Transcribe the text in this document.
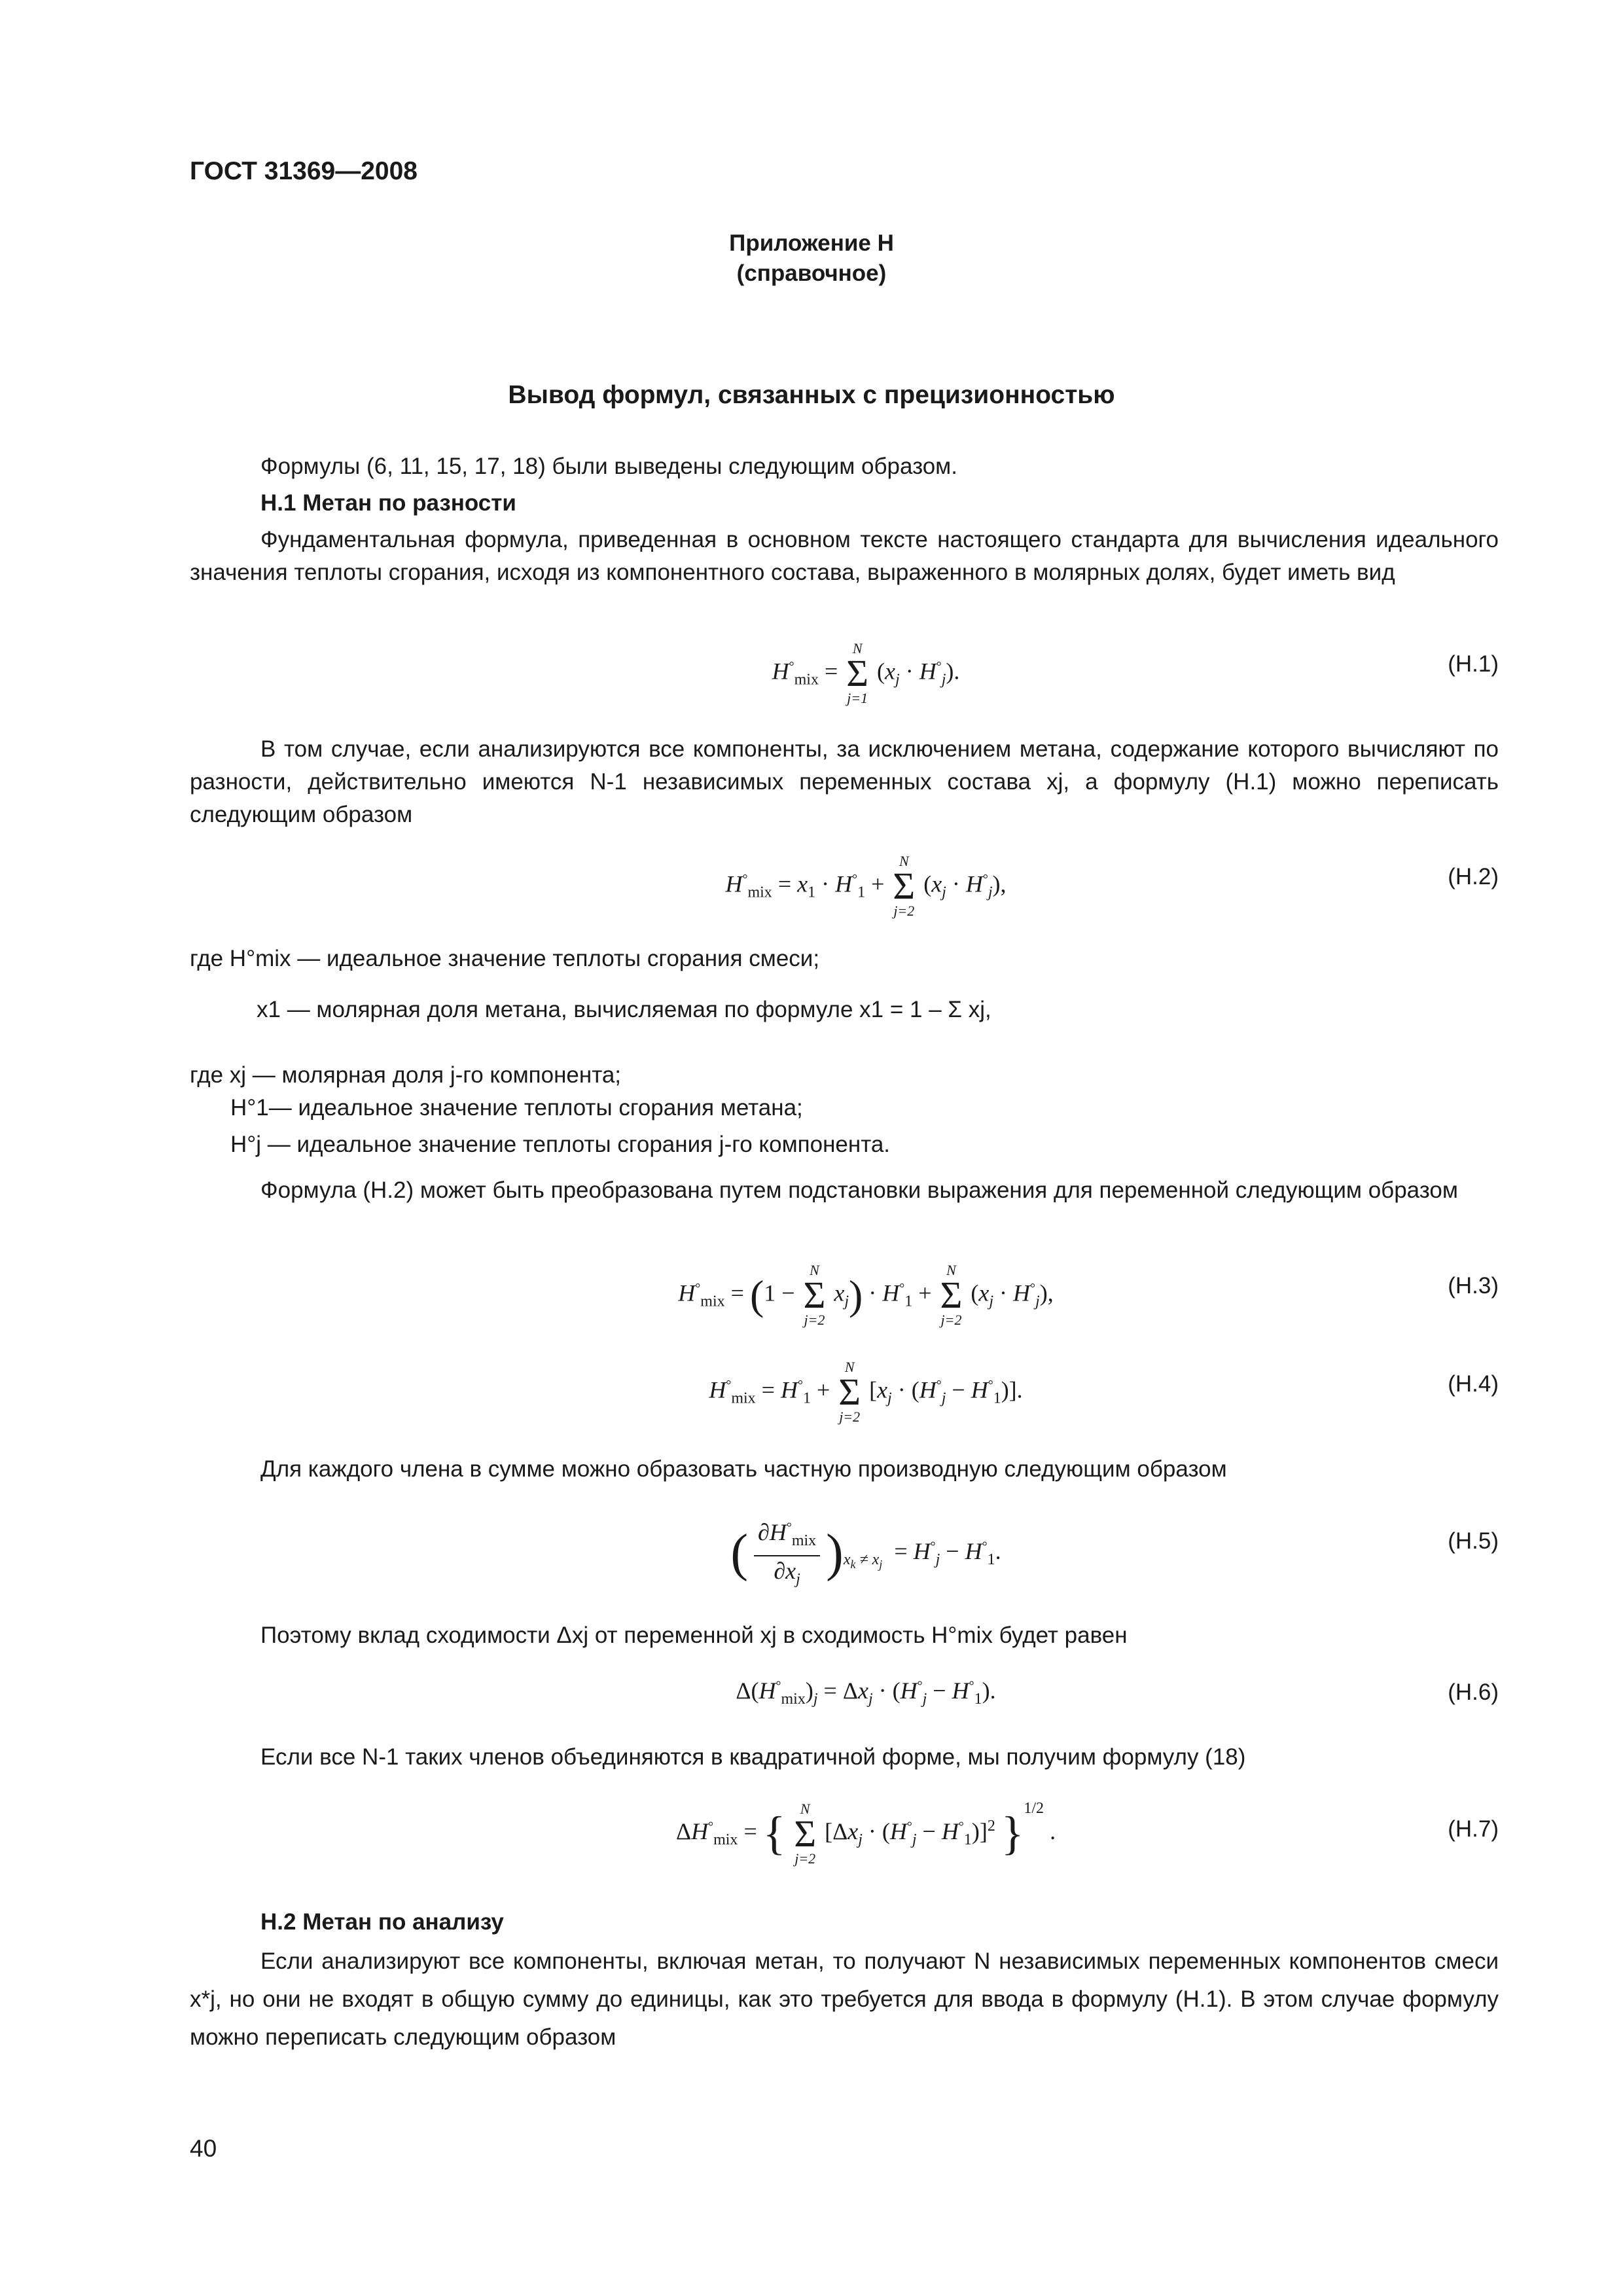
ГОСТ 31369—2008
Приложение Н
(справочное)
Вывод формул, связанных с прецизионностью
Формулы (6, 11, 15, 17, 18) были выведены следующим образом.
Н.1 Метан по разности
Фундаментальная формула, приведенная в основном тексте настоящего стандарта для вычисления идеального значения теплоты сгорания, исходя из компонентного состава, выраженного в молярных долях, будет иметь вид
$H^\circ_{mix}$ =
N
Σ
j=1
$(x_j \cdot H^\circ_j)$.	(Н.1)
В том случае, если анализируются все компоненты, за исключением метана, содержание которого вычисляют по разности, действительно имеются N-1 независимых переменных состава xj, а формулу (Н.1) можно переписать следующим образом
$H^\circ_{mix} = x_1 \cdot H^\circ_1$ +
N
Σ
j=2
$(x_j \cdot H^\circ_j)$,	(Н.2)
где H°mix — идеальное значение теплоты сгорания смеси;
x1 — молярная доля метана, вычисляемая по формуле x1 = 1 – Σ xj,
где xj — молярная доля j-го компонента;
H°1— идеальное значение теплоты сгорания метана;
H°j — идеальное значение теплоты сгорания j-го компонента.
Формула (Н.2) может быть преобразована путем подстановки выражения для переменной следующим образом
$H^\circ_{mix} = (1$ −
N
Σ
j=2
$x_j) \cdot H^\circ_1$ +
N
Σ
j=2
$(x_j \cdot H^\circ_j)$,	(Н.3)
$H^\circ_{mix} = H^\circ_1$ +
N
Σ
j=2
$[x_j \cdot (H^\circ_j - H^\circ_1)]$.	(Н.4)
Для каждого члена в сумме можно образовать частную производную следующим образом
( $\partial H^\circ_{mix}$
$\partial x_j$ )$_{x_k \ne x_j} = H^\circ_j - H^\circ_1$.	(Н.5)
Поэтому вклад сходимости Δxj от переменной xj в сходимость H°mix будет равен
$\Delta(H^\circ_{mix})_j = \Delta x_j \cdot (H^\circ_j - H^\circ_1)$.	(Н.6)
Если все N-1 таких членов объединяются в квадратичной форме, мы получим формулу (18)
$\Delta H^\circ_{mix}$ = {	N
Σ
j=2
$[\Delta x_j \cdot (H^\circ_j - H^\circ_1)]^2$ }$^{1/2}$ .	(Н.7)
Н.2 Метан по анализу
Если анализируют все компоненты, включая метан, то получают N независимых переменных компонентов смеси x*j, но они не входят в общую сумму до единицы, как это требуется для ввода в формулу (Н.1). В этом случае формулу можно переписать следующим образом
40
